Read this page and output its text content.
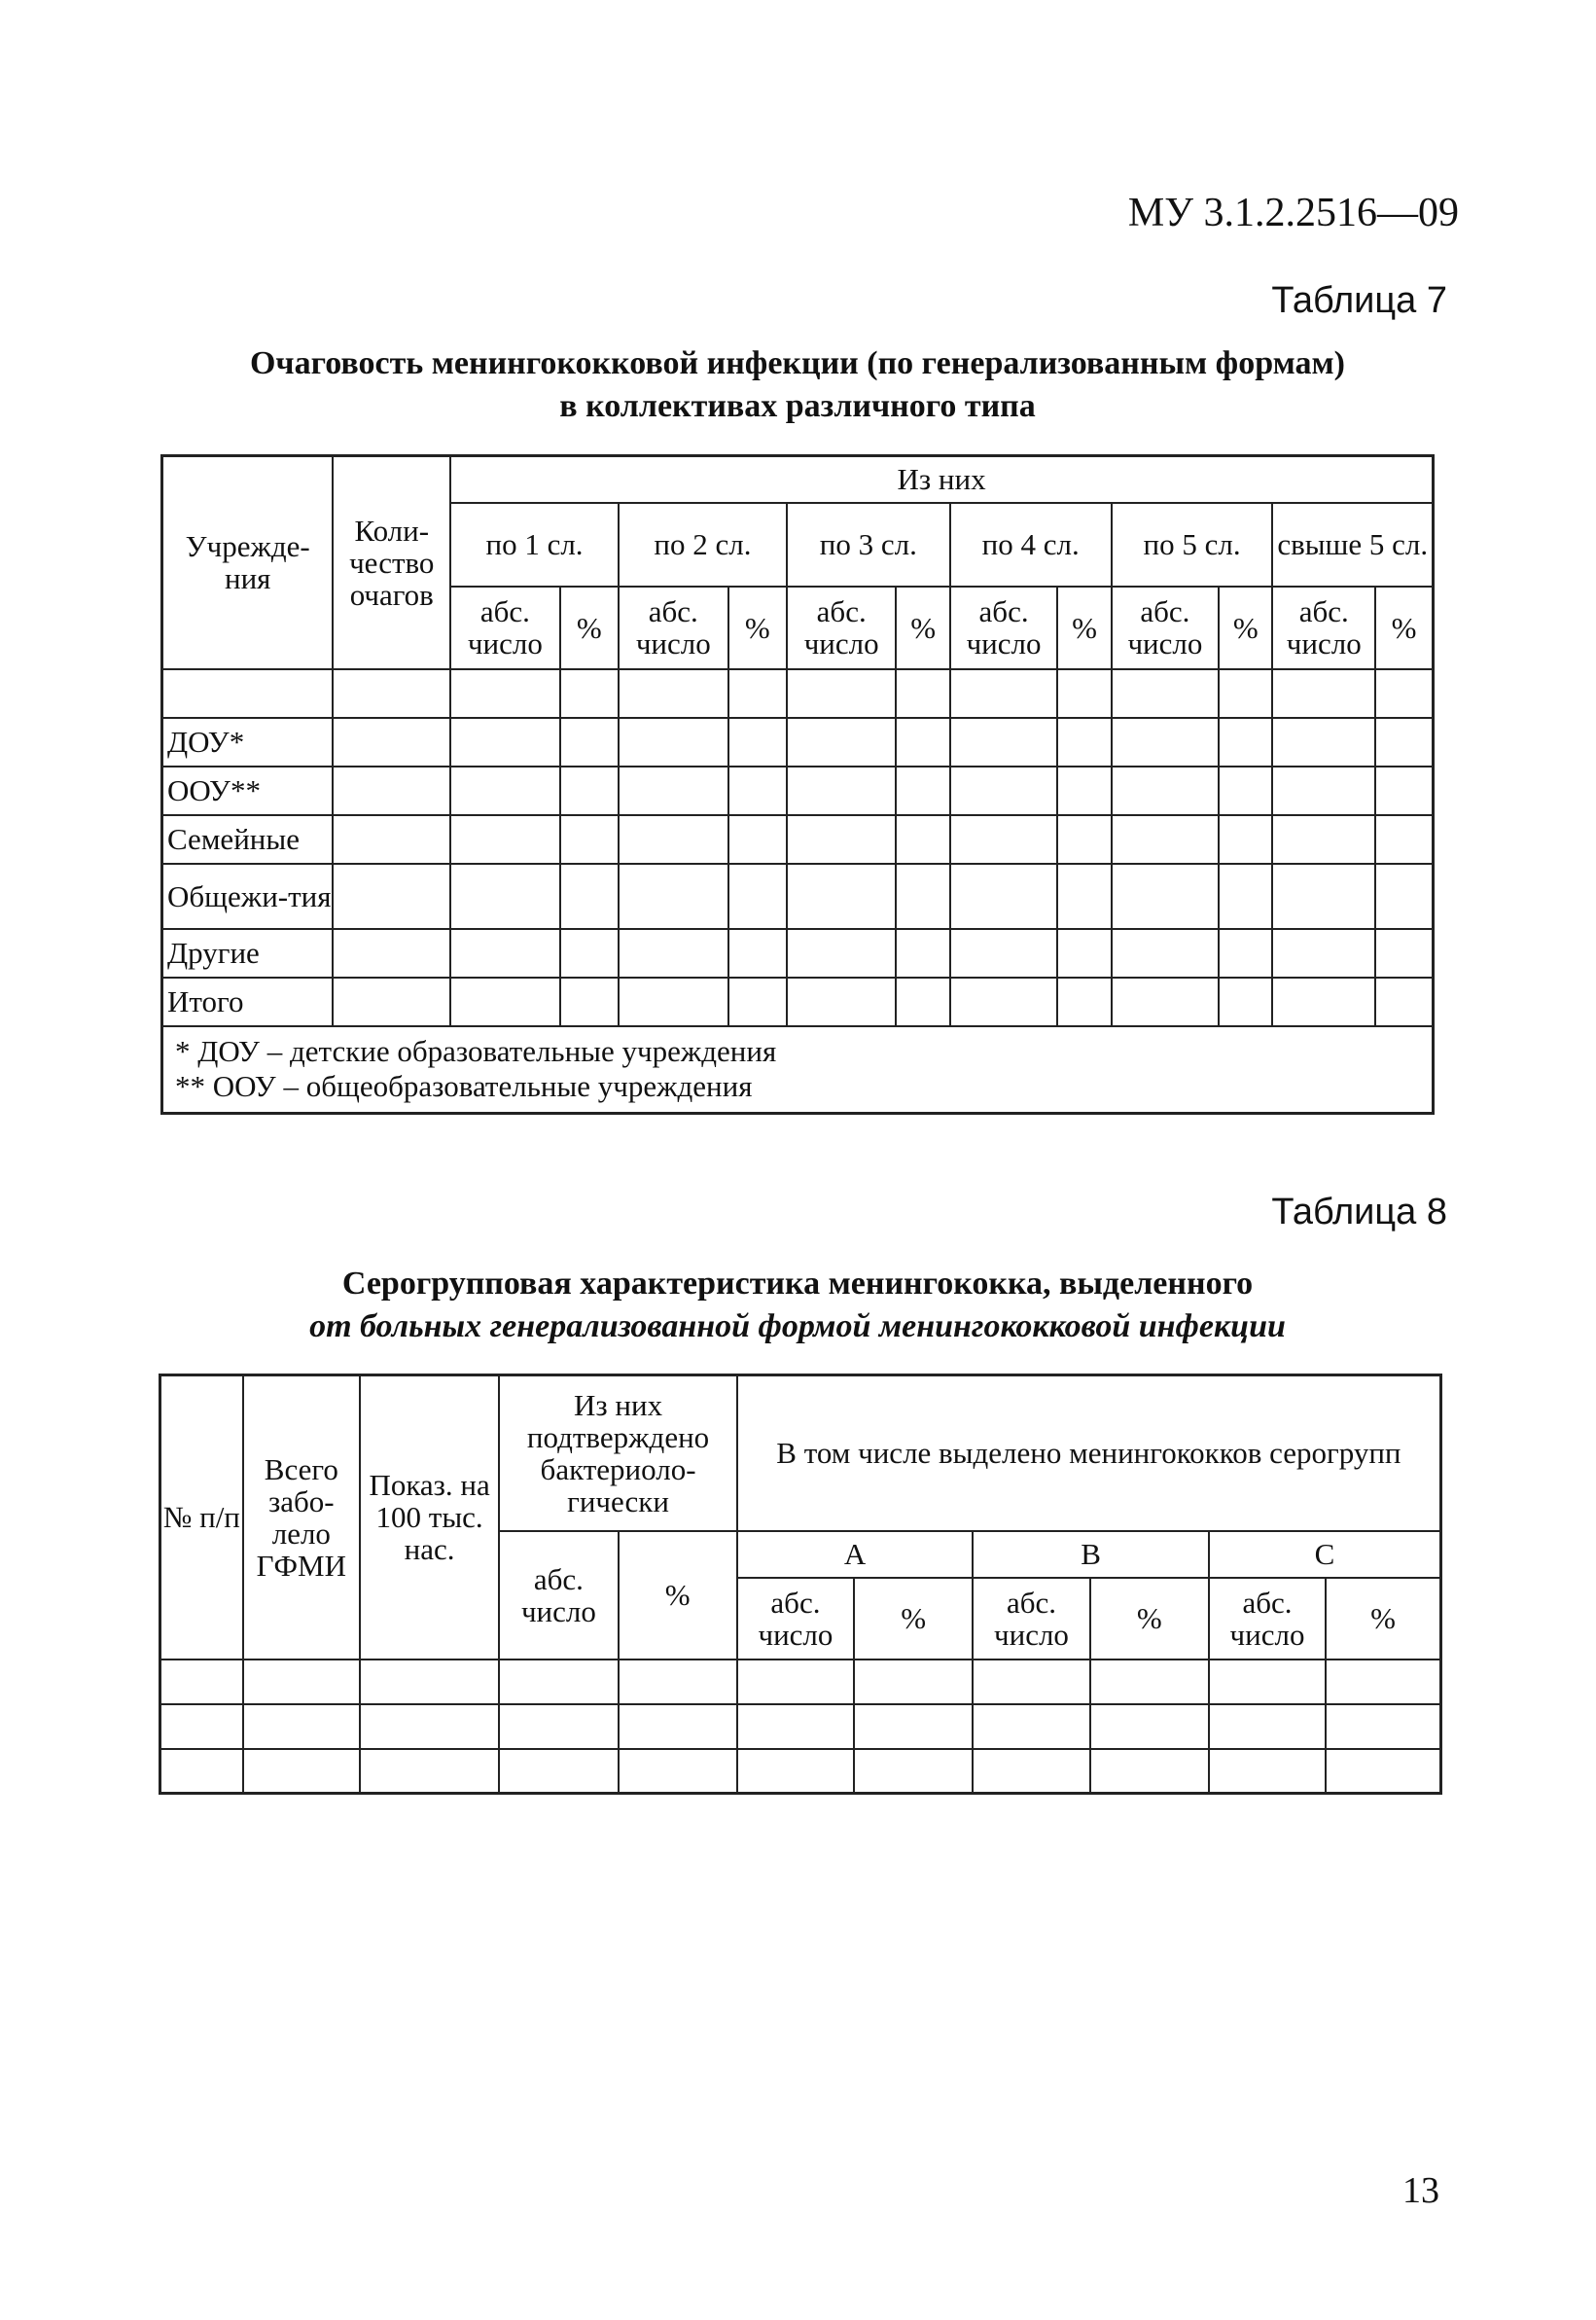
МУ 3.1.2.2516—09
Таблица 7
Очаговость менингококковой инфекции (по генерализованным формам)
в коллективах различного типа
Учрежде-ния	Коли-чество очагов	Из них											
		по 1 сл.		по 2 сл.		по 3 сл.		по 4 сл.		по 5 сл.		свыше 5 сл.	
		абс. число	%	абс. число	%	абс. число	%	абс. число	%	абс. число	%	абс. число	%

ДОУ*													
ООУ**													
Семейные													
Общежи-тия													
Другие													
Итого													

* ДОУ – детские образовательные учреждения
** ООУ – общеобразовательные учреждения													
Таблица 8
Серогрупповая характеристика менингококка, выделенного
от больных генерализованной формой менингококковой инфекции
№ п/п	Всего забо-лело ГФМИ	Показ. на 100 тыс. нас.	Из них подтверждено бактериоло-гически		В том числе выделено менингококков серогрупп					
			абс. число	%	A		B		C	
					абс. число	%	абс. число	%	абс. число	%

13
